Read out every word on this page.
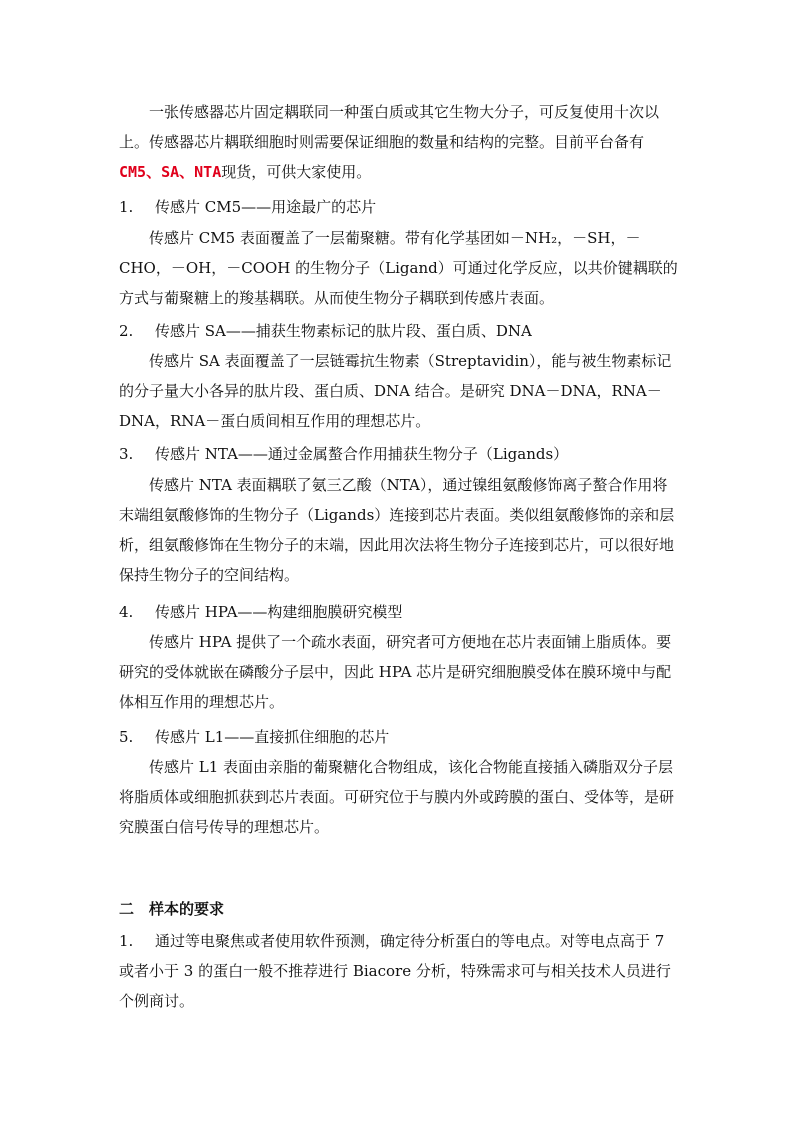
一张传感器芯片固定耦联同一种蛋白质或其它生物大分子，可反复使用十次以上。传感器芯片耦联细胞时则需要保证细胞的数量和结构的完整。目前平台备有CM5、SA、NTA现货，可供大家使用。

1. 传感片 CM5——用途最广的芯片

传感片 CM5 表面覆盖了一层葡聚糖。带有化学基团如－NH₂，－SH，－CHO，－OH，－COOH 的生物分子（Ligand）可通过化学反应，以共价键耦联的方式与葡聚糖上的羧基耦联。从而使生物分子耦联到传感片表面。

2. 传感片 SA——捕获生物素标记的肽片段、蛋白质、DNA

传感片 SA 表面覆盖了一层链霉抗生物素（Streptavidin），能与被生物素标记的分子量大小各异的肽片段、蛋白质、DNA 结合。是研究 DNA－DNA，RNA－DNA，RNA－蛋白质间相互作用的理想芯片。

3. 传感片 NTA——通过金属螯合作用捕获生物分子（Ligands）

传感片 NTA 表面耦联了氨三乙酸（NTA），通过镍组氨酸修饰离子螯合作用将末端组氨酸修饰的生物分子（Ligands）连接到芯片表面。类似组氨酸修饰的亲和层析，组氨酸修饰在生物分子的末端，因此用次法将生物分子连接到芯片，可以很好地保持生物分子的空间结构。

4. 传感片 HPA——构建细胞膜研究模型

传感片 HPA 提供了一个疏水表面，研究者可方便地在芯片表面铺上脂质体。要研究的受体就嵌在磷酸分子层中，因此 HPA 芯片是研究细胞膜受体在膜环境中与配体相互作用的理想芯片。

5. 传感片 L1——直接抓住细胞的芯片

传感片 L1 表面由亲脂的葡聚糖化合物组成，该化合物能直接插入磷脂双分子层将脂质体或细胞抓获到芯片表面。可研究位于与膜内外或跨膜的蛋白、受体等，是研究膜蛋白信号传导的理想芯片。

二　样本的要求

1. 通过等电聚焦或者使用软件预测，确定待分析蛋白的等电点。对等电点高于 7 或者小于 3 的蛋白一般不推荐进行 Biacore 分析，特殊需求可与相关技术人员进行个例商讨。
